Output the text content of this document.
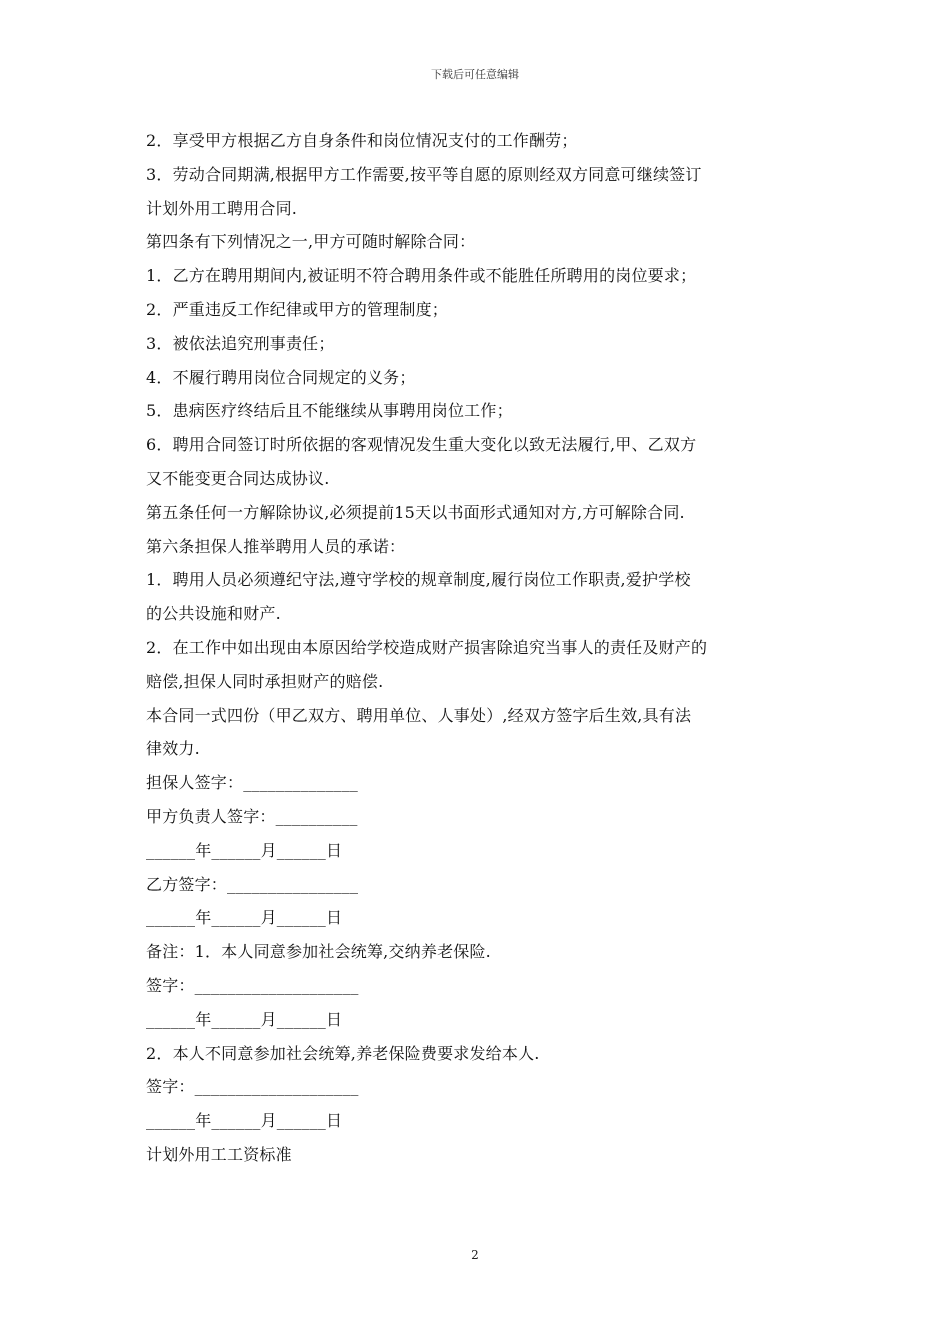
下载后可任意编辑
2．享受甲方根据乙方自身条件和岗位情况支付的工作酬劳；
3．劳动合同期满,根据甲方工作需要,按平等自愿的原则经双方同意可继续签订
计划外用工聘用合同.
第四条有下列情况之一,甲方可随时解除合同：
1．乙方在聘用期间内,被证明不符合聘用条件或不能胜任所聘用的岗位要求；
2．严重违反工作纪律或甲方的管理制度；
3．被依法追究刑事责任；
4．不履行聘用岗位合同规定的义务；
5．患病医疗终结后且不能继续从事聘用岗位工作；
6．聘用合同签订时所依据的客观情况发生重大变化以致无法履行,甲、乙双方
又不能变更合同达成协议.
第五条任何一方解除协议,必须提前15天以书面形式通知对方,方可解除合同.
第六条担保人推举聘用人员的承诺：
1．聘用人员必须遵纪守法,遵守学校的规章制度,履行岗位工作职责,爱护学校
的公共设施和财产.
2．在工作中如出现由本原因给学校造成财产损害除追究当事人的责任及财产的
赔偿,担保人同时承担财产的赔偿.
本合同一式四份（甲乙双方、聘用单位、人事处）,经双方签字后生效,具有法
律效力.
担保人签字：______________
甲方负责人签字：__________
______年______月______日
乙方签字：________________
______年______月______日
备注：1．本人同意参加社会统筹,交纳养老保险.
签字：____________________
______年______月______日
2．本人不同意参加社会统筹,养老保险费要求发给本人.
签字：____________________
______年______月______日
计划外用工工资标准
2
